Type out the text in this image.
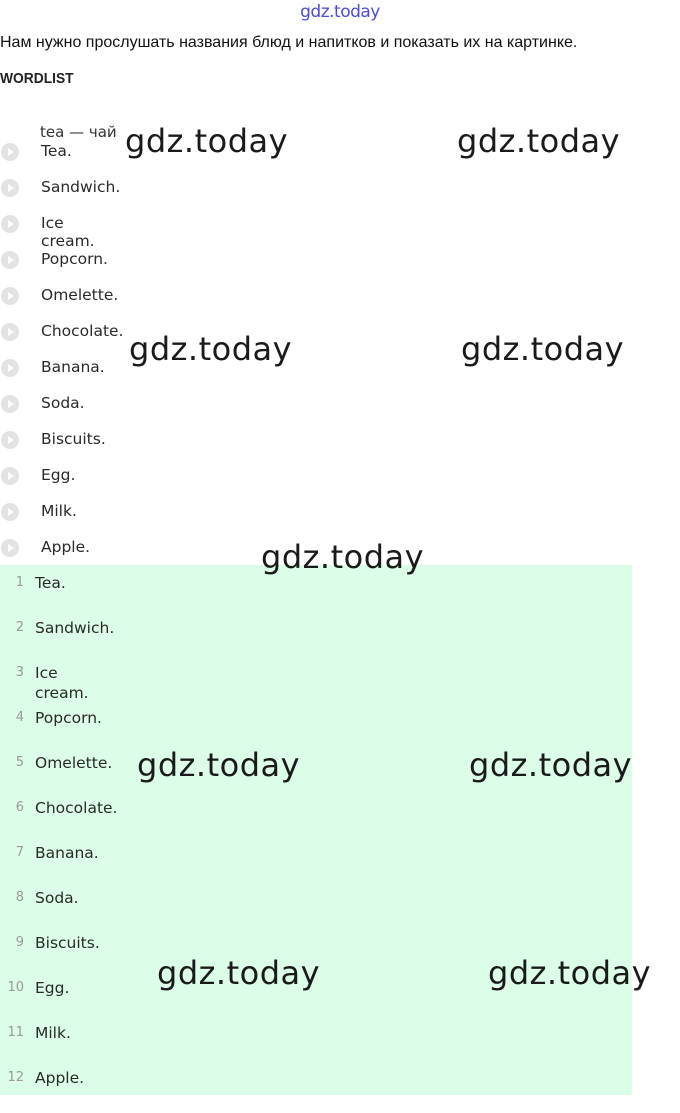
gdz.today
Нам нужно прослушать названия блюд и напитков и показать их на картинке.
WORDLIST
tea — чай
Tea.
Sandwich.
Ice cream.
Popcorn.
Omelette.
Chocolate.
Banana.
Soda.
Biscuits.
Egg.
Milk.
Apple.
1 Tea.
2 Sandwich.
3 Ice cream.
4 Popcorn.
5 Omelette.
6 Chocolate.
7 Banana.
8 Soda.
9 Biscuits.
10 Egg.
11 Milk.
12 Apple.
gdz.today	gdz.today
gdz.today	gdz.today
gdz.today
gdz.today	gdz.today
gdz.today	gdz.today
